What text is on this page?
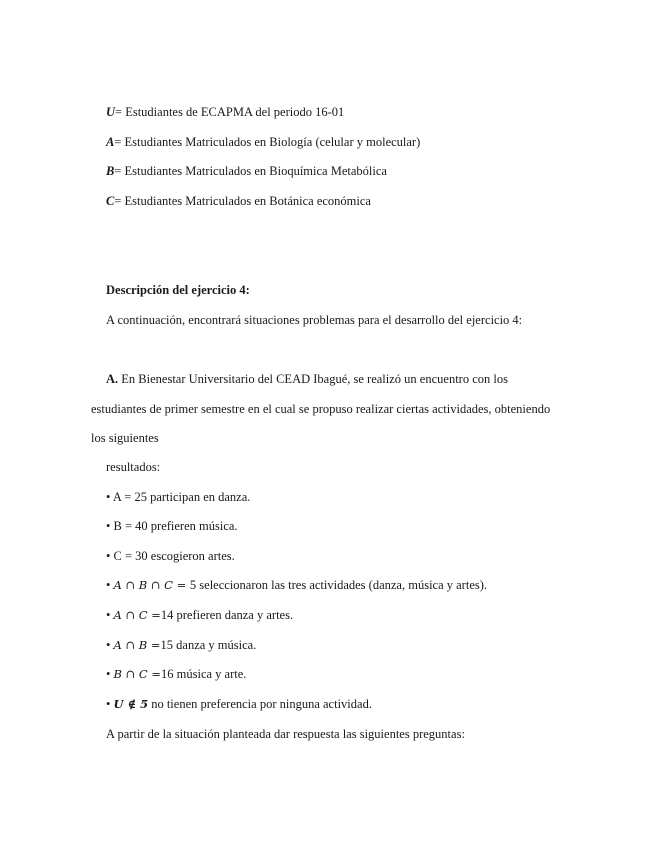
U= Estudiantes de ECAPMA del periodo 16-01
A= Estudiantes Matriculados en Biología (celular y molecular)
B= Estudiantes Matriculados en Bioquímica Metabólica
C= Estudiantes Matriculados en Botánica económica
Descripción del ejercicio 4:
A continuación, encontrará situaciones problemas para el desarrollo del ejercicio 4:
A. En Bienestar Universitario del CEAD Ibagué, se realizó un encuentro con los
estudiantes de primer semestre en el cual se propuso realizar ciertas actividades, obteniendo
los siguientes
resultados:
• A = 25 participan en danza.
• B = 40 prefieren música.
• C = 30 escogieron artes.
• A ∩ B ∩ C = 5 seleccionaron las tres actividades (danza, música y artes).
• A ∩ C =14 prefieren danza y artes.
• A ∩ B =15 danza y música.
• B ∩ C =16 música y arte.
• U ∉ 5 no tienen preferencia por ninguna actividad.
A partir de la situación planteada dar respuesta las siguientes preguntas:
